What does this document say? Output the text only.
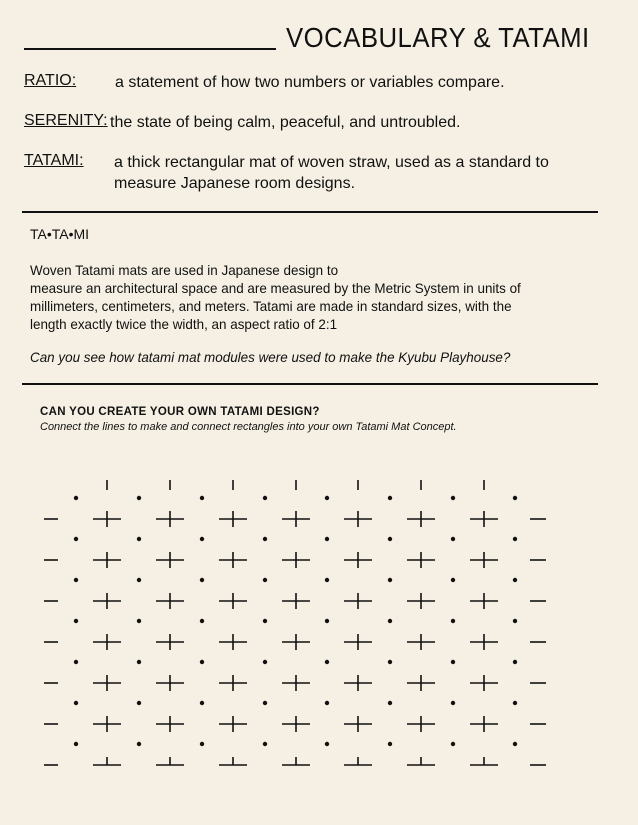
VOCABULARY & TATAMI
RATIO: a statement of how two numbers or variables compare.
SERENITY: the state of being calm, peaceful, and untroubled.
TATAMI: a thick rectangular mat of woven straw, used as a standard to
measure Japanese room designs.
TA•TA•MI
Woven Tatami mats are used in Japanese design to
measure an architectural space and are measured by the Metric System in units of
millimeters, centimeters, and meters. Tatami are made in standard sizes, with the
length exactly twice the width, an aspect ratio of 2:1
Can you see how tatami mat modules were used to make the Kyubu Playhouse?
CAN YOU CREATE YOUR OWN TATAMI DESIGN?
Connect the lines to make and connect rectangles into your own Tatami Mat Concept.
